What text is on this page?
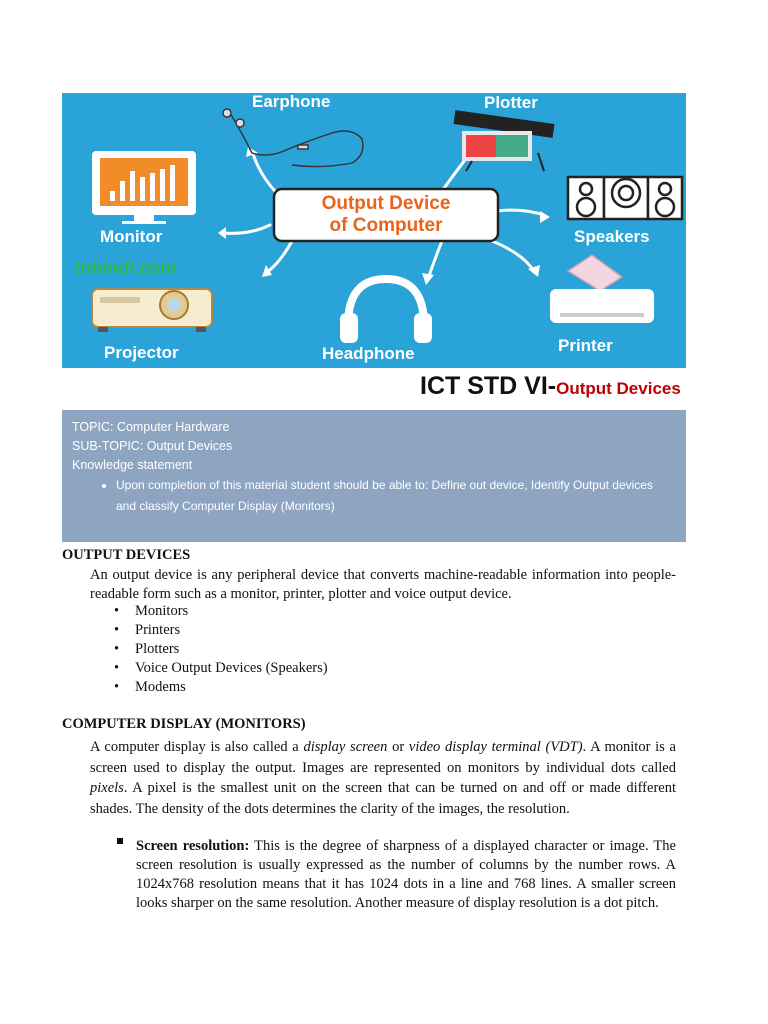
Output Device
of Computer
Earphone	Plotter
Monitor
tnhindi.com
Speakers
Projector	Headphone	Printer
ICT STD VI-Output Devices
TOPIC: Computer Hardware
SUB-TOPIC: Output Devices
Knowledge statement
• Upon completion of this material student should be able to: Define out device, Identify Output devices and classify Computer Display (Monitors)
OUTPUT DEVICES
An output device is any peripheral device that converts machine-readable information into people-readable form such as a monitor, printer, plotter and voice output device.
• Monitors
• Printers
• Plotters
• Voice Output Devices (Speakers)
• Modems
COMPUTER DISPLAY (MONITORS)
A computer display is also called a display screen or video display terminal (VDT). A monitor is a screen used to display the output. Images are represented on monitors by individual dots called pixels. A pixel is the smallest unit on the screen that can be turned on and off or made different shades. The density of the dots determines the clarity of the images, the resolution.
Screen resolution: This is the degree of sharpness of a displayed character or image. The screen resolution is usually expressed as the number of columns by the number rows. A 1024x768 resolution means that it has 1024 dots in a line and 768 lines. A smaller screen looks sharper on the same resolution. Another measure of display resolution is a dot pitch.
